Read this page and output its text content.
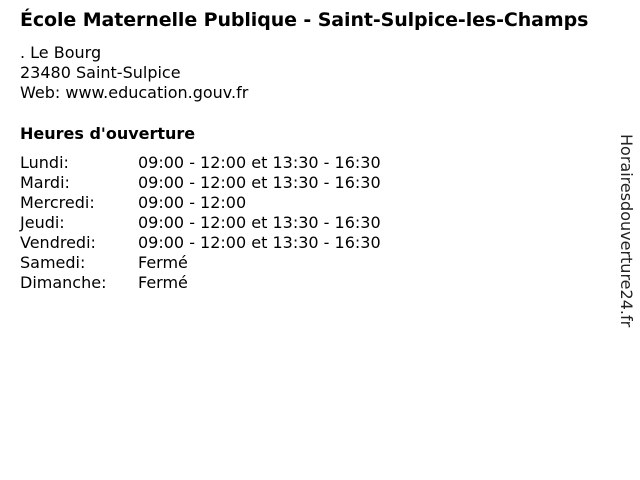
École Maternelle Publique - Saint-Sulpice-les-Champs
. Le Bourg
23480 Saint-Sulpice
Web: www.education.gouv.fr
Heures d'ouverture
Lundi:	09:00 - 12:00 et 13:30 - 16:30
Mardi:	09:00 - 12:00 et 13:30 - 16:30
Mercredi:	09:00 - 12:00
Jeudi:	09:00 - 12:00 et 13:30 - 16:30
Vendredi:	09:00 - 12:00 et 13:30 - 16:30
Samedi:	Fermé
Dimanche:	Fermé	Horairesdouverture24.fr
